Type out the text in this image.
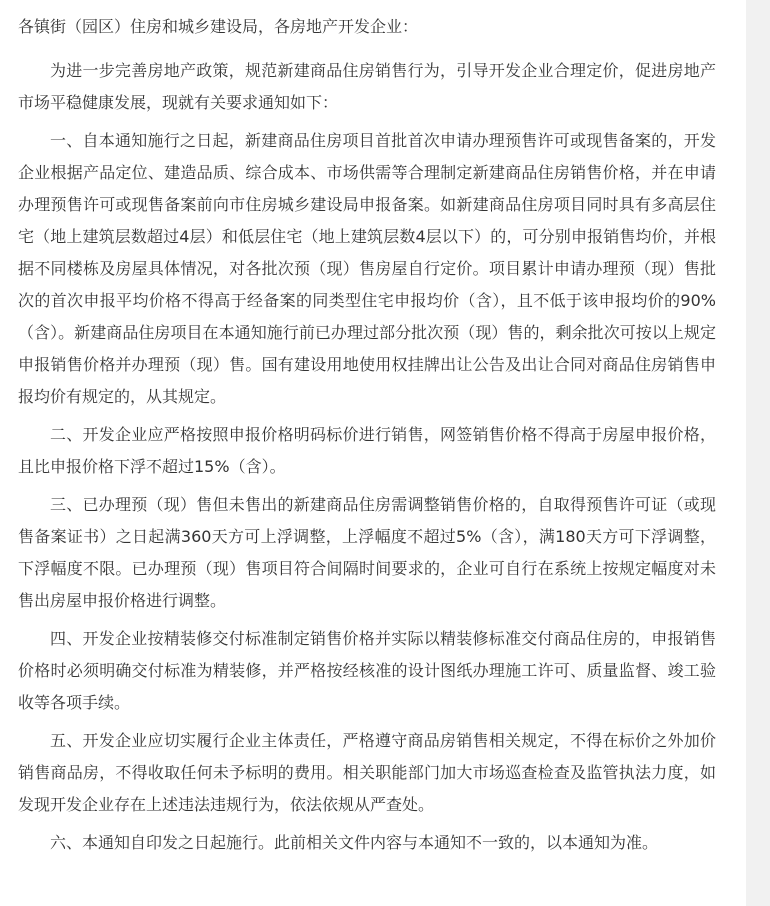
各镇街（园区）住房和城乡建设局，各房地产开发企业：

为进一步完善房地产政策，规范新建商品住房销售行为，引导开发企业合理定价，促进房地产市场平稳健康发展，现就有关要求通知如下：

一、自本通知施行之日起，新建商品住房项目首批首次申请办理预售许可或现售备案的，开发企业根据产品定位、建造品质、综合成本、市场供需等合理制定新建商品住房销售价格，并在申请办理预售许可或现售备案前向市住房城乡建设局申报备案。如新建商品住房项目同时具有多高层住宅（地上建筑层数超过4层）和低层住宅（地上建筑层数4层以下）的，可分别申报销售均价，并根据不同楼栋及房屋具体情况，对各批次预（现）售房屋自行定价。项目累计申请办理预（现）售批次的首次申报平均价格不得高于经备案的同类型住宅申报均价（含），且不低于该申报均价的90%（含）。新建商品住房项目在本通知施行前已办理过部分批次预（现）售的，剩余批次可按以上规定申报销售价格并办理预（现）售。国有建设用地使用权挂牌出让公告及出让合同对商品住房销售申报均价有规定的，从其规定。

二、开发企业应严格按照申报价格明码标价进行销售，网签销售价格不得高于房屋申报价格，且比申报价格下浮不超过15%（含）。

三、已办理预（现）售但未售出的新建商品住房需调整销售价格的，自取得预售许可证（或现售备案证书）之日起满360天方可上浮调整，上浮幅度不超过5%（含），满180天方可下浮调整，下浮幅度不限。已办理预（现）售项目符合间隔时间要求的，企业可自行在系统上按规定幅度对未售出房屋申报价格进行调整。

四、开发企业按精装修交付标准制定销售价格并实际以精装修标准交付商品住房的，申报销售价格时必须明确交付标准为精装修，并严格按经核准的设计图纸办理施工许可、质量监督、竣工验收等各项手续。

五、开发企业应切实履行企业主体责任，严格遵守商品房销售相关规定，不得在标价之外加价销售商品房，不得收取任何未予标明的费用。相关职能部门加大市场巡查检查及监管执法力度，如发现开发企业存在上述违法违规行为，依法依规从严查处。

六、本通知自印发之日起施行。此前相关文件内容与本通知不一致的，以本通知为准。
